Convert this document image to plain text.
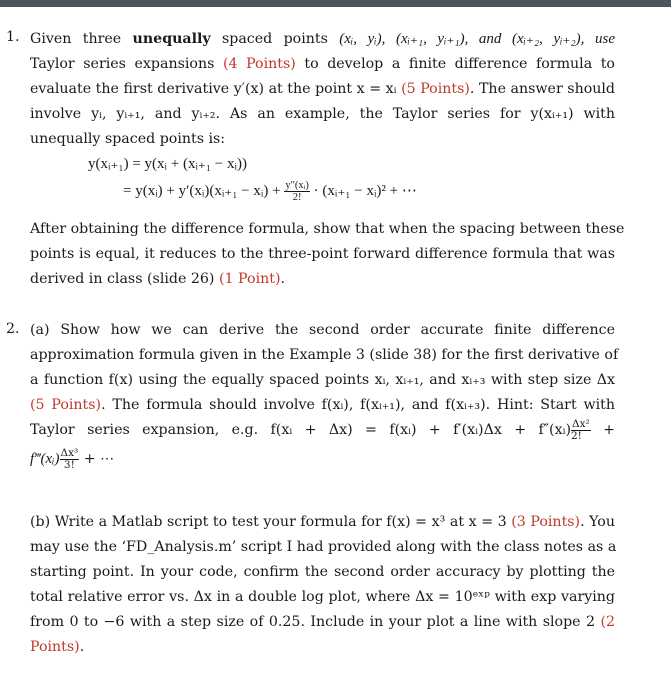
1. Given three unequally spaced points (xᵢ, yᵢ), (xᵢ₊₁, yᵢ₊₁), and (xᵢ₊₂, yᵢ₊₂), use
Taylor series expansions (4 Points) to develop a finite difference formula to
evaluate the first derivative y′(x) at the point x = xᵢ (5 Points). The answer should
involve yᵢ, yᵢ₊₁, and yᵢ₊₂. As an example, the Taylor series for y(xᵢ₊₁) with
unequally spaced points is:
y(xᵢ₊₁) = y(xᵢ + (xᵢ₊₁ − xᵢ))
= y(xᵢ) + y′(xᵢ)(xᵢ₊₁ − xᵢ) + $\frac{\text{y″(xᵢ)}}{2!}$ · (xᵢ₊₁ − xᵢ)² + ⋯
After obtaining the difference formula, show that when the spacing between these
points is equal, it reduces to the three-point forward difference formula that was
derived in class (slide 26) (1 Point).
2. (a) Show how we can derive the second order accurate finite difference
approximation formula given in the Example 3 (slide 38) for the first derivative of
a function f(x) using the equally spaced points xᵢ, xᵢ₊₁, and xᵢ₊₃ with step size Δx
(5 Points). The formula should involve f(xᵢ), f(xᵢ₊₁), and f(xᵢ₊₃). Hint: Start with
Taylor series expansion, e.g. f(xᵢ + Δx) = f(xᵢ) + f′(xᵢ)Δx + f″(xᵢ) $\frac{\text{Δx²}}{2!}$ +
f‴(xᵢ) $\frac{\text{Δx³}}{3!}$ + ⋯
(b) Write a Matlab script to test your formula for f(x) = x³ at x = 3 (3 Points). You
may use the ‘FD_Analysis.m’ script I had provided along with the class notes as a
starting point. In your code, confirm the second order accuracy by plotting the
total relative error vs. Δx in a double log plot, where Δx = 10ᵉˣᵖ with exp varying
from 0 to −6 with a step size of 0.25. Include in your plot a line with slope 2 (2
Points).
